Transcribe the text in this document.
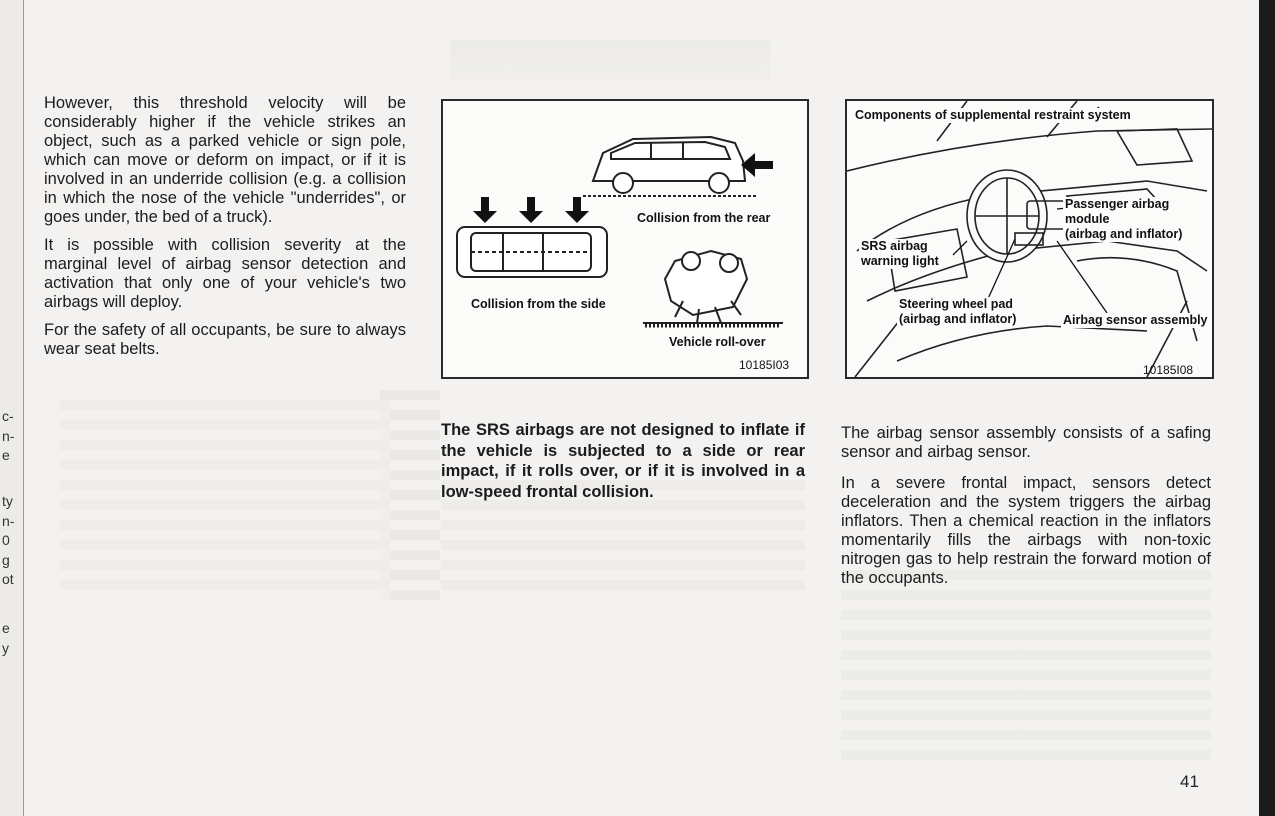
c-
n-
e
ty
n-
0
g
ot
e
y

However, this threshold velocity will be considerably higher if the vehicle strikes an object, such as a parked vehicle or sign pole, which can move or deform on impact, or if it is involved in an underride collision (e.g. a collision in which the nose of the vehicle "underrides", or goes under, the bed of a truck).

It is possible with collision severity at the marginal level of airbag sensor detection and activation that only one of your vehicle's two airbags will deploy.

For the safety of all occupants, be sure to always wear seat belts.

Collision from the rear
Collision from the side
Vehicle roll-over
10185I03

The SRS airbags are not designed to inflate if the vehicle is subjected to a side or rear impact, if it rolls over, or if it is involved in a low-speed frontal collision.

Components of supplemental restraint system
Passenger airbag module
(airbag and inflator)
SRS airbag
warning light
Steering wheel pad
(airbag and inflator)	Airbag sensor assembly
10185I08

The airbag sensor assembly consists of a safing sensor and airbag sensor.

In a severe frontal impact, sensors detect deceleration and the system triggers the airbag inflators. Then a chemical reaction in the inflators momentarily fills the airbags with non-toxic nitrogen gas to help restrain the forward motion of the occupants.

41
